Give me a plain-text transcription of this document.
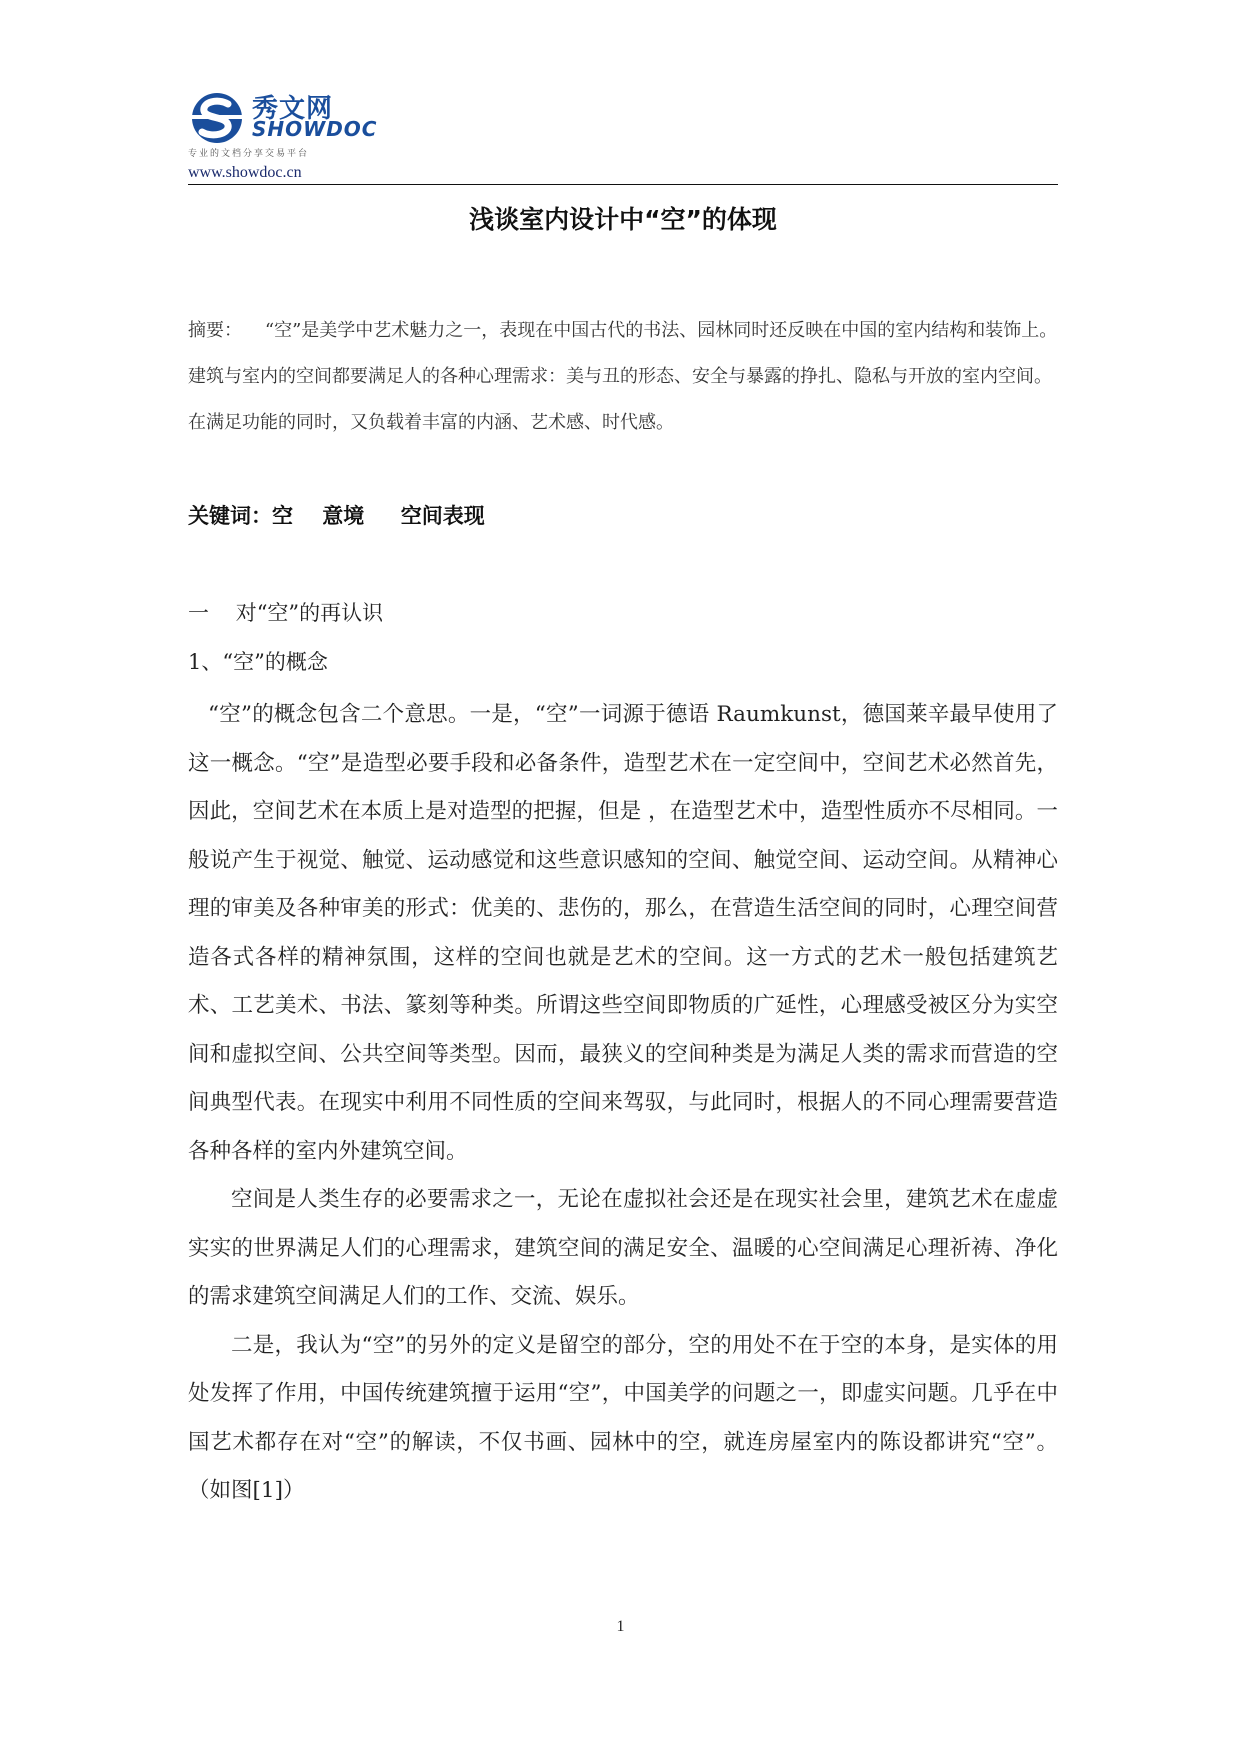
秀文网
SHOWDOC
专业的文档分享交易平台
www.showdoc.cn
浅谈室内设计中“空”的体现
摘要： “空”是美学中艺术魅力之一，表现在中国古代的书法、园林同时还反映在中国的室内结构和装饰上。建筑与室内的空间都要满足人的各种心理需求：美与丑的形态、安全与暴露的挣扎、隐私与开放的室内空间。在满足功能的同时，又负载着丰富的内涵、艺术感、时代感。
关键词：空    意境     空间表现
一    对“空”的再认识
1、“空”的概念

“空”的概念包含二个意思。一是，“空”一词源于德语 Raumkunst，德国莱辛最早使用了这一概念。“空”是造型必要手段和必备条件，造型艺术在一定空间中，空间艺术必然首先，因此，空间艺术在本质上是对造型的把握，但是 ，在造型艺术中，造型性质亦不尽相同。一般说产生于视觉、触觉、运动感觉和这些意识感知的空间、触觉空间、运动空间。从精神心理的审美及各种审美的形式：优美的、悲伤的，那么，在营造生活空间的同时，心理空间营造各式各样的精神氛围，这样的空间也就是艺术的空间。这一方式的艺术一般包括建筑艺术、工艺美术、书法、篆刻等种类。所谓这些空间即物质的广延性，心理感受被区分为实空间和虚拟空间、公共空间等类型。因而，最狭义的空间种类是为满足人类的需求而营造的空间典型代表。在现实中利用不同性质的空间来驾驭，与此同时，根据人的不同心理需要营造各种各样的室内外建筑空间。

空间是人类生存的必要需求之一，无论在虚拟社会还是在现实社会里，建筑艺术在虚虚实实的世界满足人们的心理需求，建筑空间的满足安全、温暖的心空间满足心理祈祷、净化的需求建筑空间满足人们的工作、交流、娱乐。

二是，我认为“空”的另外的定义是留空的部分，空的用处不在于空的本身，是实体的用处发挥了作用，中国传统建筑擅于运用“空”，中国美学的问题之一，即虚实问题。几乎在中国艺术都存在对“空”的解读，不仅书画、园林中的空，就连房屋室内的陈设都讲究“空”。（如图[1]）

1
